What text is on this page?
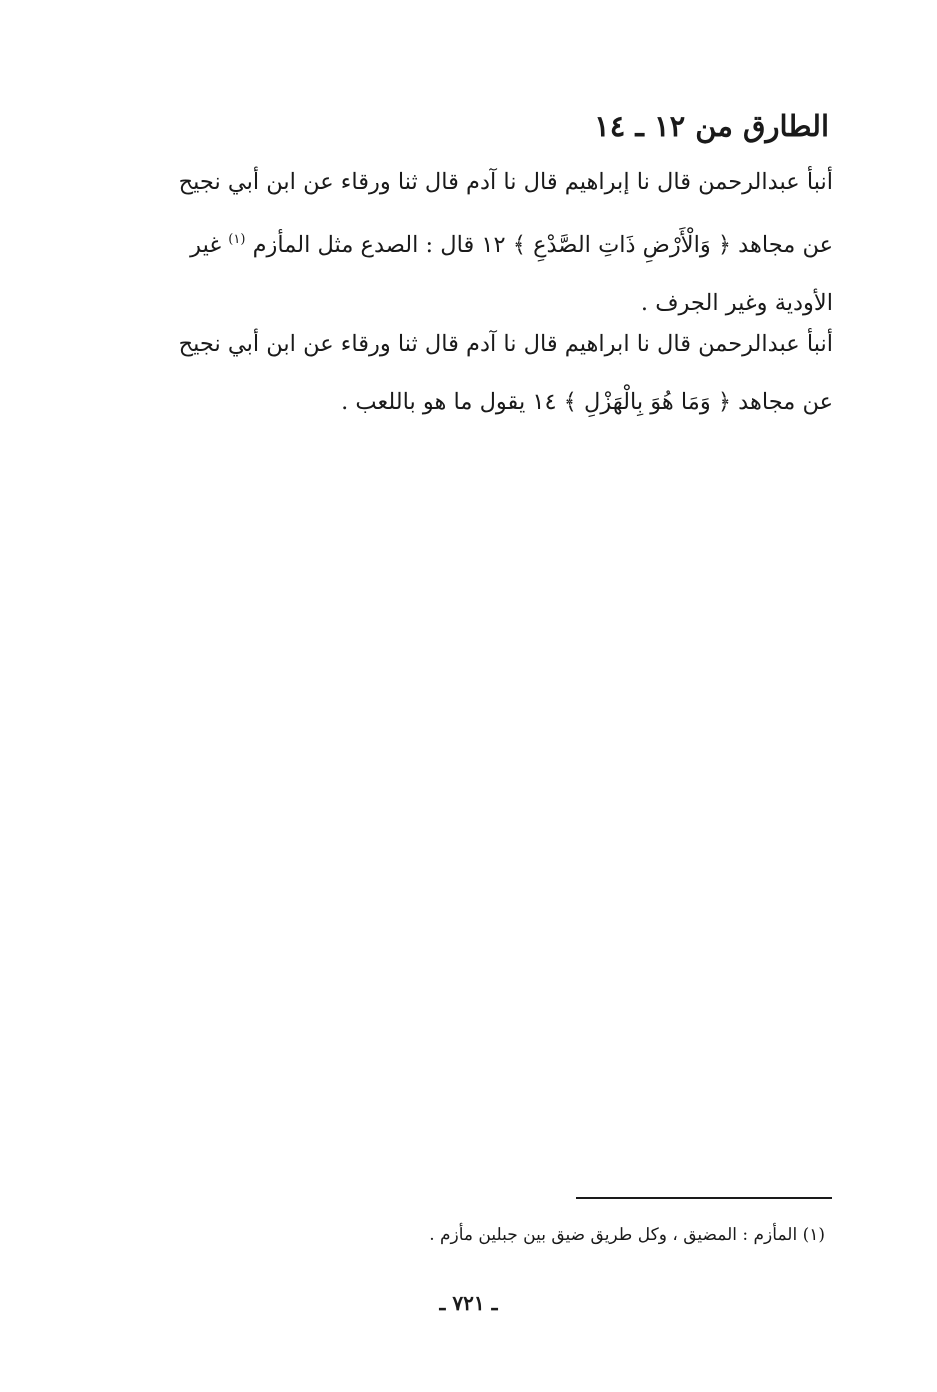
الطارق من ١٢ ـ ١٤
أنبأ عبدالرحمن قال نا إبراهيم قال نا آدم قال ثنا ورقاء عن ابن أبي نجيح
عن مجاهد ﴿ وَالْأَرْضِ ذَاتِ الصَّدْعِ ﴾ ١٢ قال : الصدع مثل المأزم $^{(١)}$ غير
الأودية وغير الجرف .
أنبأ عبدالرحمن قال نا ابراهيم قال نا آدم قال ثنا ورقاء عن ابن أبي نجيح
عن مجاهد ﴿ وَمَا هُوَ بِالْهَزْلِ ﴾ ١٤ يقول ما هو باللعب .
(١) المأزم : المضيق ، وكل طريق ضيق بين جبلين مأزم .
ـ ٧٢١ ـ
